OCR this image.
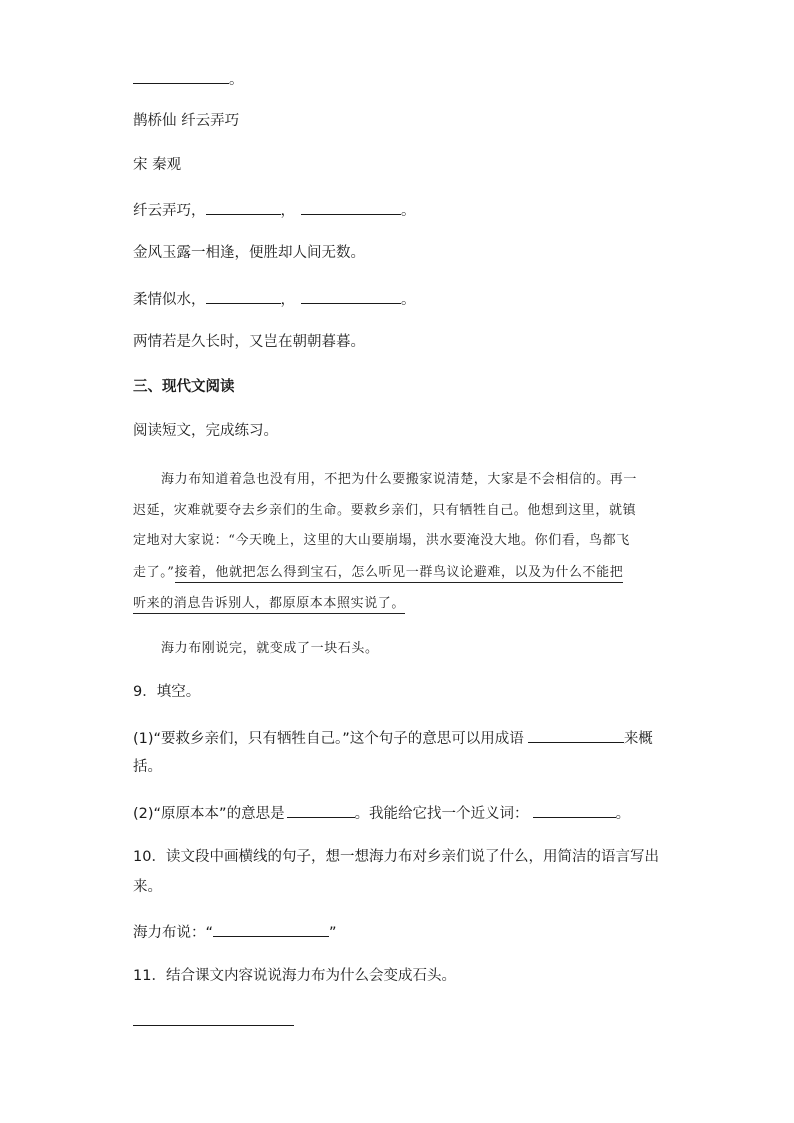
。
鹊桥仙 纤云弄巧
宋 秦观
纤云弄巧，	，	。
金风玉露一相逢，便胜却人间无数。
柔情似水，	，	。
两情若是久长时，又岂在朝朝暮暮。
三、现代文阅读
阅读短文，完成练习。
海力布知道着急也没有用，不把为什么要搬家说清楚，大家是不会相信的。再一
迟延，灾难就要夺去乡亲们的生命。要救乡亲们，只有牺牲自己。他想到这里，就镇
定地对大家说：“今天晚上，这里的大山要崩塌，洪水要淹没大地。你们看，鸟都飞
走了。”接着，他就把怎么得到宝石，怎么听见一群鸟议论避难，以及为什么不能把
听来的消息告诉别人，都原原本本照实说了。
海力布刚说完，就变成了一块石头。
9．填空。
(1)“要救乡亲们，只有牺牲自己。”这个句子的意思可以用成语	来概
括。
(2)“原原本本”的意思是	。我能给它找一个近义词：	。
10．读文段中画横线的句子，想一想海力布对乡亲们说了什么，用简洁的语言写出
来。
海力布说：“	”
11．结合课文内容说说海力布为什么会变成石头。
